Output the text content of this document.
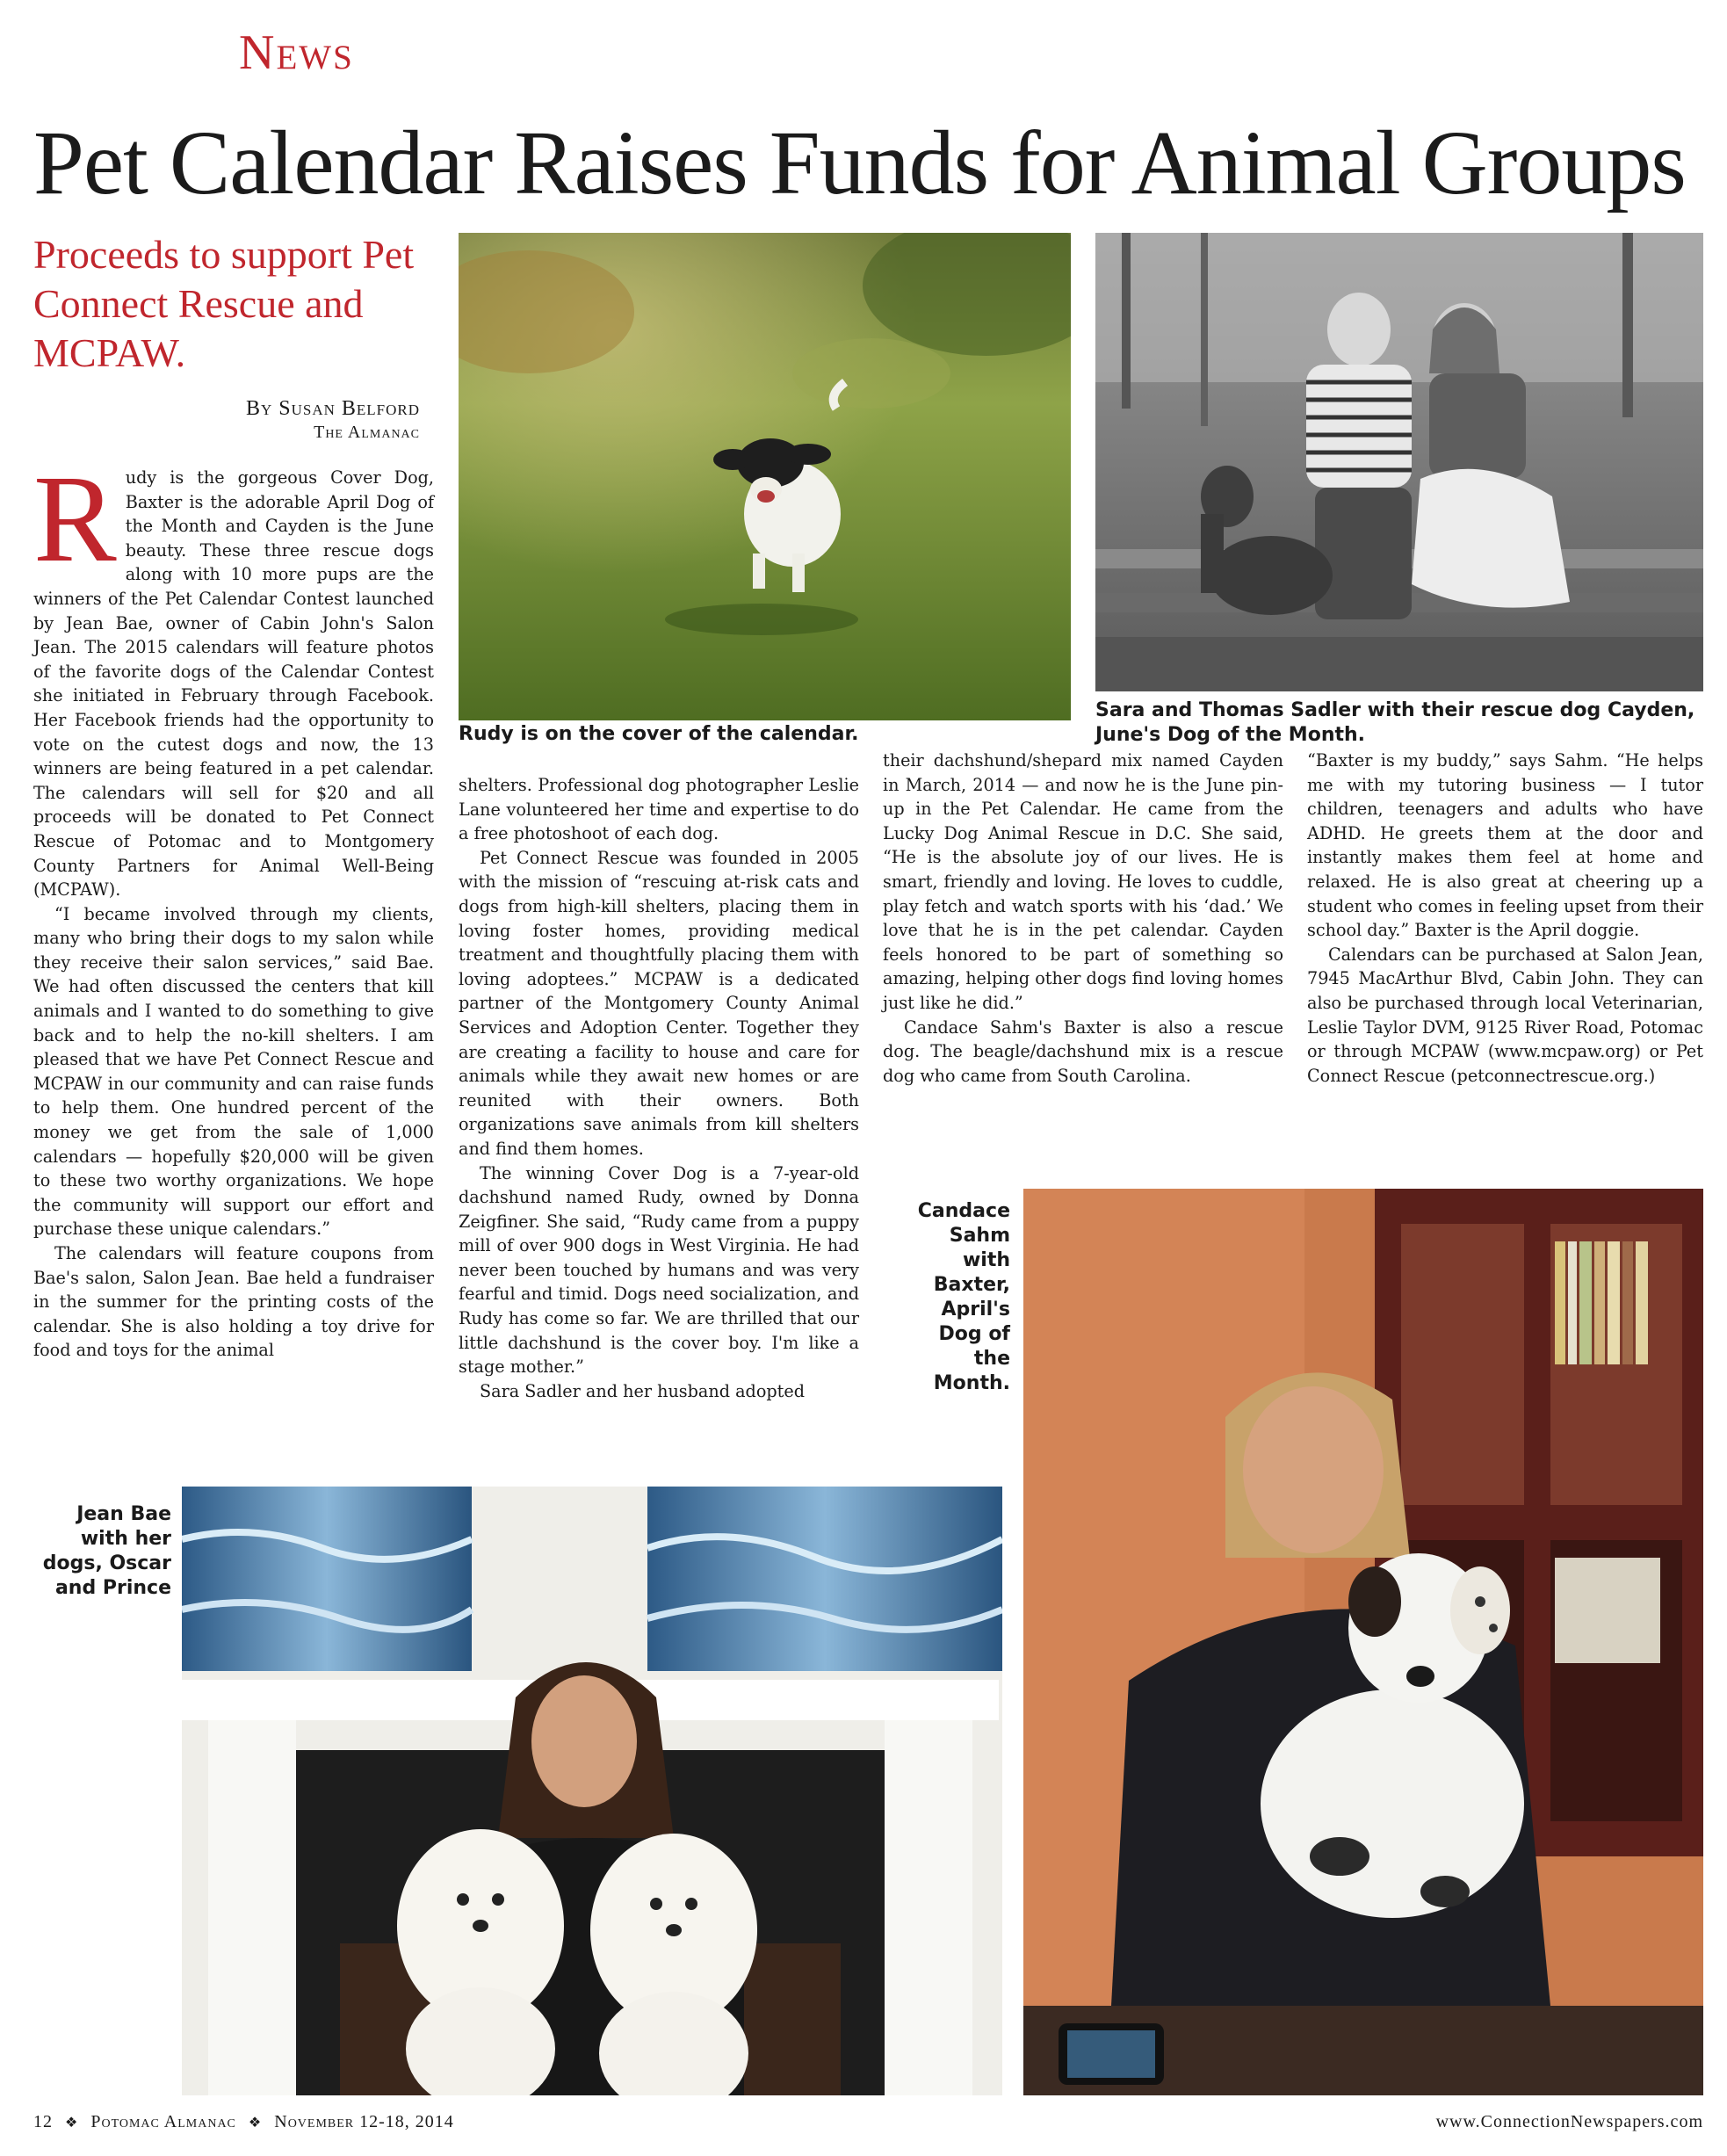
News
Pet Calendar Raises Funds for Animal Groups
Proceeds to support Pet Connect Rescue and MCPAW.
By Susan Belford
The Almanac
Rudy is on the cover of the calendar.
Sara and Thomas Sadler with their rescue dog Cayden, June's Dog of the Month.

Rudy is the gorgeous Cover Dog, Baxter is the adorable April Dog of the Month and Cayden is the June beauty. These three rescue dogs along with 10 more pups are the winners of the Pet Calendar Contest launched by Jean Bae, owner of Cabin John's Salon Jean. The 2015 calendars will feature photos of the favorite dogs of the Calendar Contest she initiated in February through Facebook. Her Facebook friends had the opportunity to vote on the cutest dogs and now, the 13 winners are being featured in a pet calendar. The calendars will sell for $20 and all proceeds will be donated to Pet Connect Rescue of Potomac and to Montgomery County Partners for Animal Well-Being (MCPAW).

“I became involved through my clients, many who bring their dogs to my salon while they receive their salon services,” said Bae. We had often discussed the centers that kill animals and I wanted to do something to give back and to help the no-kill shelters. I am pleased that we have Pet Connect Rescue and MCPAW in our community and can raise funds to help them. One hundred percent of the money we get from the sale of 1,000 calendars — hopefully $20,000 will be given to these two worthy organizations. We hope the community will support our effort and purchase these unique calendars.”

The calendars will feature coupons from Bae's salon, Salon Jean. Bae held a fundraiser in the summer for the printing costs of the calendar. She is also holding a toy drive for food and toys for the animal

shelters. Professional dog photographer Leslie Lane volunteered her time and expertise to do a free photoshoot of each dog.

Pet Connect Rescue was founded in 2005 with the mission of “rescuing at-risk cats and dogs from high-kill shelters, placing them in loving foster homes, providing medical treatment and thoughtfully placing them with loving adoptees.” MCPAW is a dedicated partner of the Montgomery County Animal Services and Adoption Center. Together they are creating a facility to house and care for animals while they await new homes or are reunited with their owners. Both organizations save animals from kill shelters and find them homes.

The winning Cover Dog is a 7-year-old dachshund named Rudy, owned by Donna Zeigfiner. She said, “Rudy came from a puppy mill of over 900 dogs in West Virginia. He had never been touched by humans and was very fearful and timid. Dogs need socialization, and Rudy has come so far. We are thrilled that our little dachshund is the cover boy. I'm like a stage mother.”

Sara Sadler and her husband adopted

their dachshund/shepard mix named Cayden in March, 2014 — and now he is the June pin-up in the Pet Calendar. He came from the Lucky Dog Animal Rescue in D.C. She said, “He is the absolute joy of our lives. He is smart, friendly and loving. He loves to cuddle, play fetch and watch sports with his ‘dad.’ We love that he is in the pet calendar. Cayden feels honored to be part of something so amazing, helping other dogs find loving homes just like he did.”

Candace Sahm's Baxter is also a rescue dog. The beagle/dachshund mix is a rescue dog who came from South Carolina.

“Baxter is my buddy,” says Sahm. “He helps me with my tutoring business — I tutor children, teenagers and adults who have ADHD. He greets them at the door and instantly makes them feel at home and relaxed. He is also great at cheering up a student who comes in feeling upset from their school day.” Baxter is the April doggie.

Calendars can be purchased at Salon Jean, 7945 MacArthur Blvd, Cabin John. They can also be purchased through local Veterinarian, Leslie Taylor DVM, 9125 River Road, Potomac or through MCPAW (www.mcpaw.org) or Pet Connect Rescue (petconnectrescue.org.)

Candace Sahm with Baxter, April's Dog of the Month.
Jean Bae with her dogs, Oscar and Prince
12 ❖ Potomac Almanac ❖ November 12-18, 2014	www.ConnectionNewspapers.com
